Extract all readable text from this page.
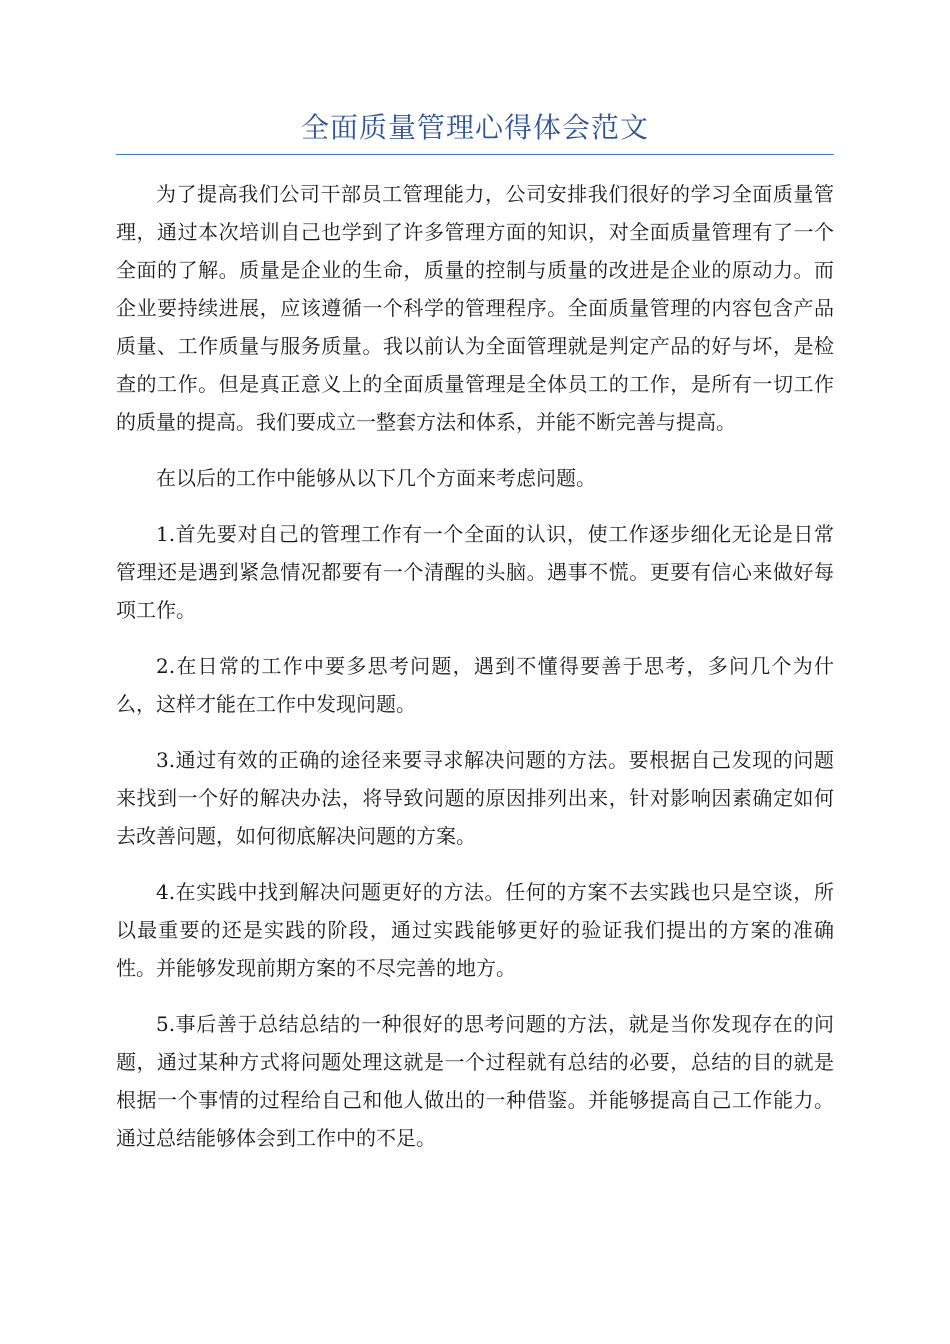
全面质量管理心得体会范文

为了提高我们公司干部员工管理能力，公司安排我们很好的学习全面质量管理，通过本次培训自己也学到了许多管理方面的知识，对全面质量管理有了一个全面的了解。质量是企业的生命，质量的控制与质量的改进是企业的原动力。而企业要持续进展，应该遵循一个科学的管理程序。全面质量管理的内容包含产品质量、工作质量与服务质量。我以前认为全面管理就是判定产品的好与坏，是检查的工作。但是真正意义上的全面质量管理是全体员工的工作，是所有一切工作的质量的提高。我们要成立一整套方法和体系，并能不断完善与提高。

在以后的工作中能够从以下几个方面来考虑问题。

1.首先要对自己的管理工作有一个全面的认识，使工作逐步细化无论是日常管理还是遇到紧急情况都要有一个清醒的头脑。遇事不慌。更要有信心来做好每项工作。

2.在日常的工作中要多思考问题，遇到不懂得要善于思考，多问几个为什么，这样才能在工作中发现问题。

3.通过有效的正确的途径来要寻求解决问题的方法。要根据自己发现的问题来找到一个好的解决办法，将导致问题的原因排列出来，针对影响因素确定如何去改善问题，如何彻底解决问题的方案。

4.在实践中找到解决问题更好的方法。任何的方案不去实践也只是空谈，所以最重要的还是实践的阶段，通过实践能够更好的验证我们提出的方案的准确性。并能够发现前期方案的不尽完善的地方。

5.事后善于总结总结的一种很好的思考问题的方法，就是当你发现存在的问题，通过某种方式将问题处理这就是一个过程就有总结的必要，总结的目的就是根据一个事情的过程给自己和他人做出的一种借鉴。并能够提高自己工作能力。通过总结能够体会到工作中的不足。
